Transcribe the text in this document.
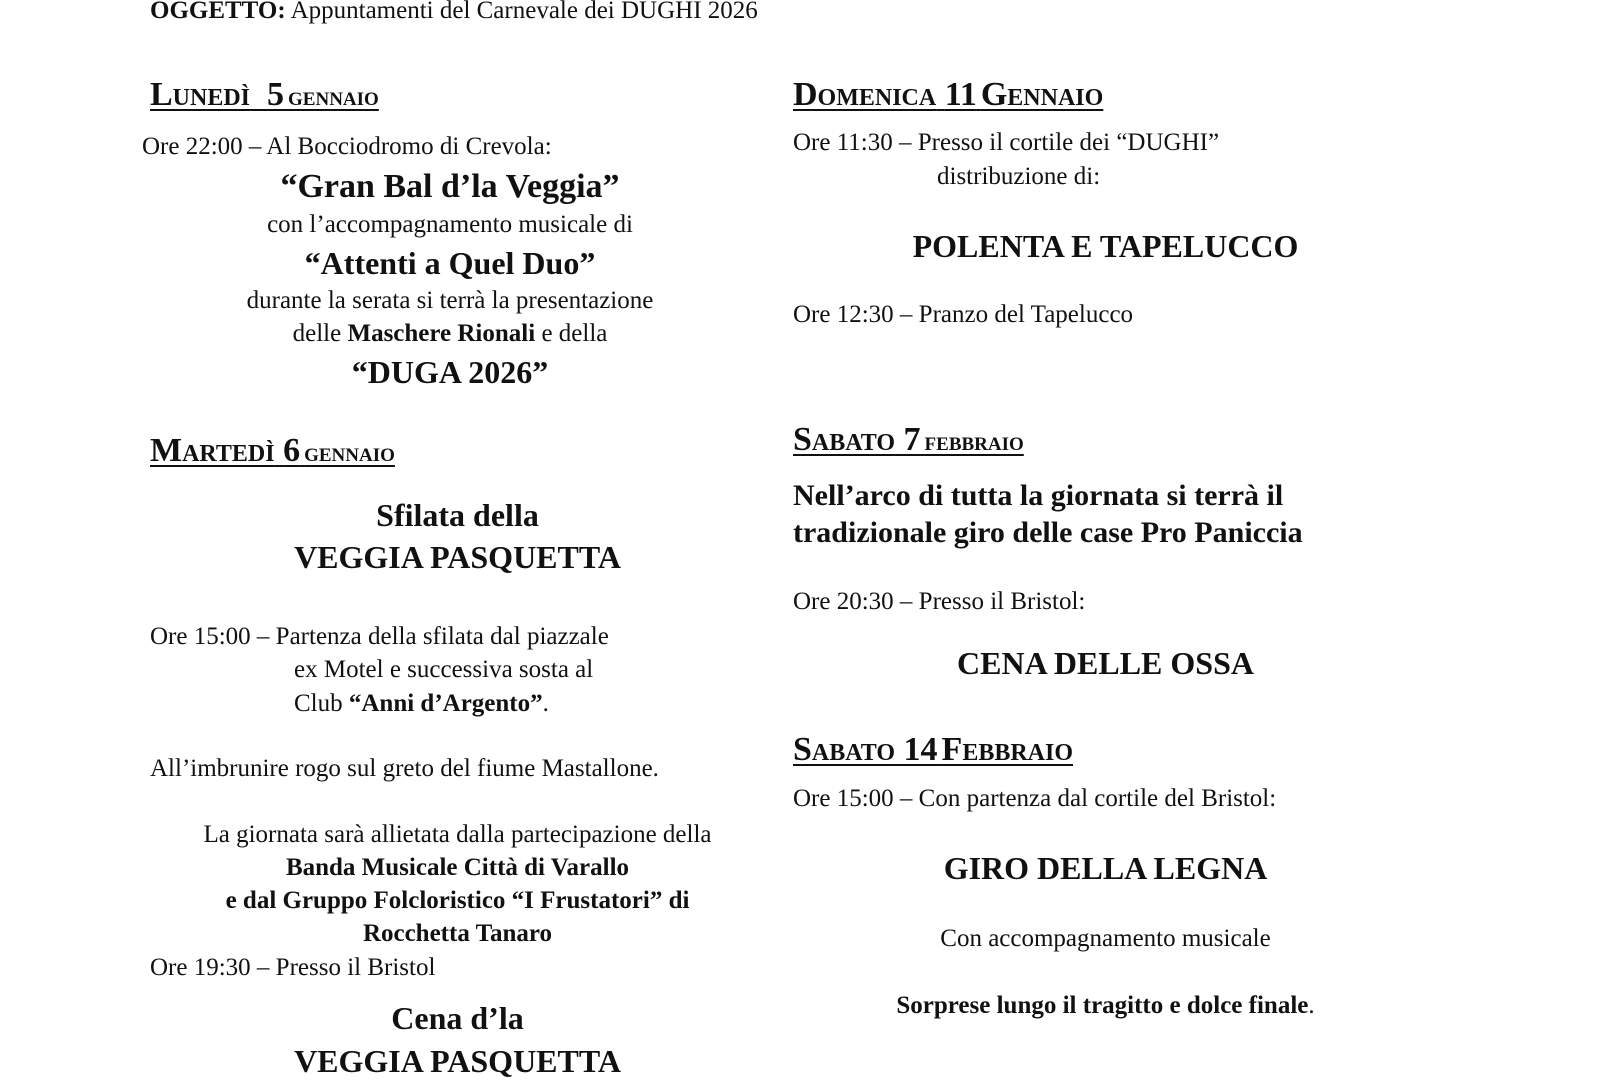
OGGETTO: Appuntamenti del Carnevale dei DUGHI 2026
Lunedì 5 gennaio
Ore 22:00 – Al Bocciodromo di Crevola:
“Gran Bal d’la Veggia”
con l’accompagnamento musicale di
“Attenti a Quel Duo”
durante la serata si terrà la presentazione
delle Maschere Rionali e della
“DUGA 2026”
Martedì 6 gennaio
Sfilata della
VEGGIA PASQUETTA
Ore 15:00 – Partenza della sfilata dal piazzale
ex Motel e successiva sosta al
Club “Anni d’Argento”.
All’imbrunire rogo sul greto del fiume Mastallone.
La giornata sarà allietata dalla partecipazione della
Banda Musicale Città di Varallo
e dal Gruppo Folcloristico “I Frustatori” di
Rocchetta Tanaro
Ore 19:30 – Presso il Bristol
Cena d’la
VEGGIA PASQUETTA
Domenica 11 Gennaio
Ore 11:30 – Presso il cortile dei “DUGHI”
distribuzione di:
POLENTA E TAPELUCCO
Ore 12:30 – Pranzo del Tapelucco
Sabato 7 febbraio
Nell’arco di tutta la giornata si terrà il
tradizionale giro delle case Pro Paniccia
Ore 20:30 – Presso il Bristol:
CENA DELLE OSSA
Sabato 14 Febbraio
Ore 15:00 – Con partenza dal cortile del Bristol:
GIRO DELLA LEGNA
Con accompagnamento musicale
Sorprese lungo il tragitto e dolce finale.
